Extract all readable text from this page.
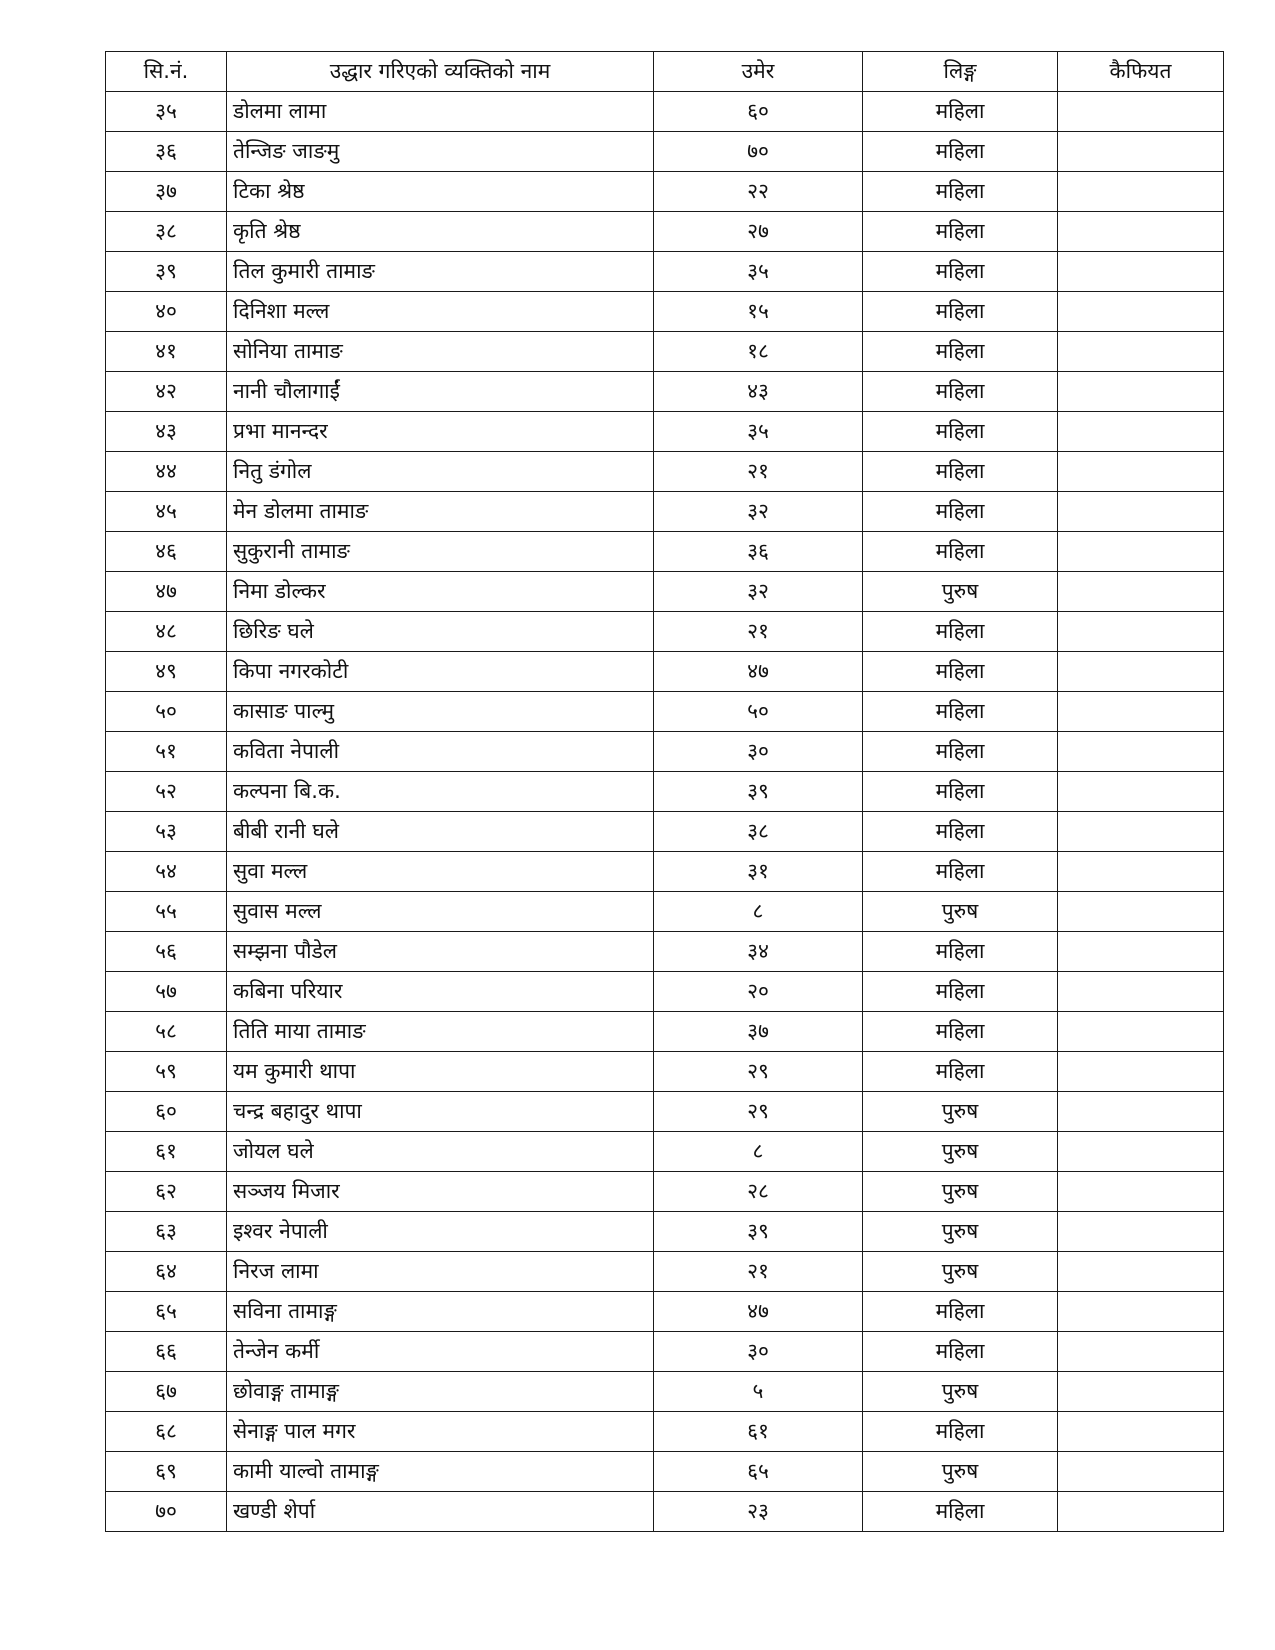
सि.नं.	उद्धार गरिएको व्यक्तिको नाम	उमेर	लिङ्ग	कैफियत
३५	डोलमा लामा	६०	महिला	
३६	तेन्जिङ जाङमु	७०	महिला	
३७	टिका श्रेष्ठ	२२	महिला	
३८	कृति श्रेष्ठ	२७	महिला	
३९	तिल कुमारी तामाङ	३५	महिला	
४०	दिनिशा मल्ल	१५	महिला	
४१	सोनिया तामाङ	१८	महिला	
४२	नानी चौलागाईं	४३	महिला	
४३	प्रभा मानन्दर	३५	महिला	
४४	नितु डंगोल	२१	महिला	
४५	मेन डोलमा तामाङ	३२	महिला	
४६	सुकुरानी तामाङ	३६	महिला	
४७	निमा डोल्कर	३२	पुरुष	
४८	छिरिङ घले	२१	महिला	
४९	किपा नगरकोटी	४७	महिला	
५०	कासाङ पाल्मु	५०	महिला	
५१	कविता नेपाली	३०	महिला	
५२	कल्पना बि.क.	३९	महिला	
५३	बीबी रानी घले	३८	महिला	
५४	सुवा मल्ल	३१	महिला	
५५	सुवास मल्ल	८	पुरुष	
५६	सम्झना पौडेल	३४	महिला	
५७	कबिना परियार	२०	महिला	
५८	तिति माया तामाङ	३७	महिला	
५९	यम कुमारी थापा	२९	महिला	
६०	चन्द्र बहादुर थापा	२९	पुरुष	
६१	जोयल घले	८	पुरुष	
६२	सञ्जय मिजार	२८	पुरुष	
६३	इश्वर नेपाली	३९	पुरुष	
६४	निरज लामा	२१	पुरुष	
६५	सविना तामाङ्ग	४७	महिला	
६६	तेन्जेन कर्मी	३०	महिला	
६७	छोवाङ्ग तामाङ्ग	५	पुरुष	
६८	सेनाङ्ग पाल मगर	६१	महिला	
६९	कामी याल्वो तामाङ्ग	६५	पुरुष	
७०	खण्डी शेर्पा	२३	महिला	
